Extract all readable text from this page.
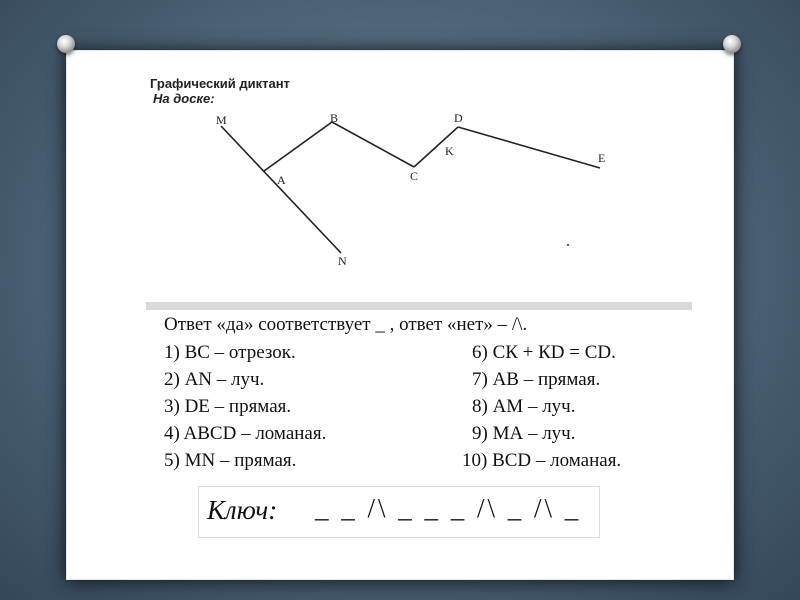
Графический диктант
На доске:
M	B	D
K	E
A	C
N
Ответ «да» соответствует _ , ответ «нет» – /\.
1) ВС – отрезок.
2) АN – луч.
3) DE – прямая.
4) ABCD – ломаная.
5) MN – прямая.
6) СК + КD = CD.
7) АВ – прямая.
8) АМ – луч.
9) МА – луч.
10) BCD – ломаная.
Ключ: _ _ /\ _ _ _ /\ _ /\ _
